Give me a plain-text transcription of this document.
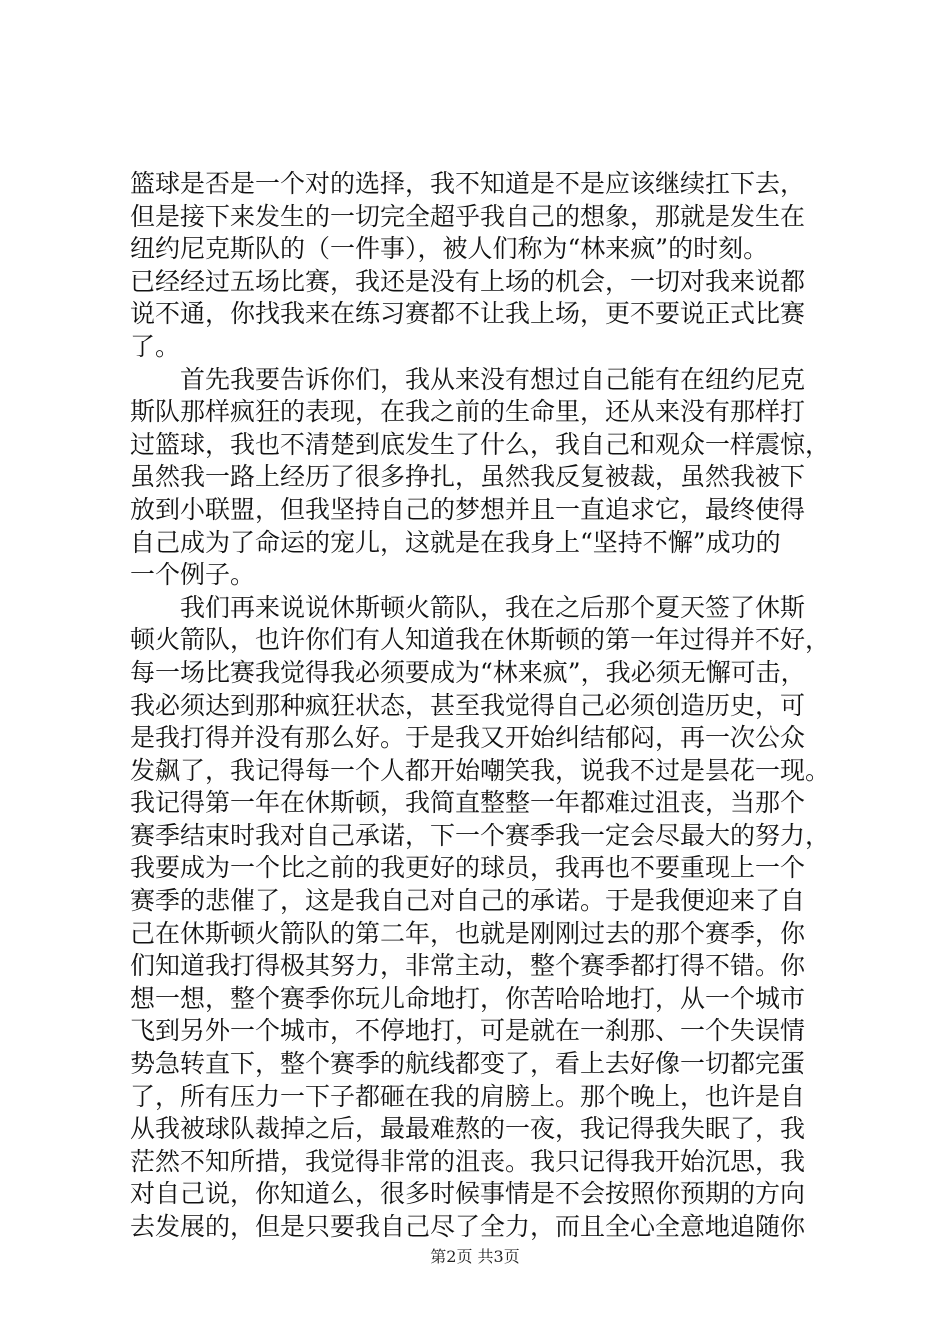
篮球是否是一个对的选择，我不知道是不是应该继续扛下去，
但是接下来发生的一切完全超乎我自己的想象，那就是发生在
纽约尼克斯队的（一件事），被人们称为“林来疯”的时刻。
已经经过五场比赛，我还是没有上场的机会，一切对我来说都
说不通，你找我来在练习赛都不让我上场，更不要说正式比赛
了。
　　首先我要告诉你们，我从来没有想过自己能有在纽约尼克
斯队那样疯狂的表现，在我之前的生命里，还从来没有那样打
过篮球，我也不清楚到底发生了什么，我自己和观众一样震惊，
虽然我一路上经历了很多挣扎，虽然我反复被裁，虽然我被下
放到小联盟，但我坚持自己的梦想并且一直追求它，最终使得
自己成为了命运的宠儿，这就是在我身上“坚持不懈”成功的
一个例子。
　　我们再来说说休斯顿火箭队，我在之后那个夏天签了休斯
顿火箭队，也许你们有人知道我在休斯顿的第一年过得并不好，
每一场比赛我觉得我必须要成为“林来疯”，我必须无懈可击，
我必须达到那种疯狂状态，甚至我觉得自己必须创造历史，可
是我打得并没有那么好。于是我又开始纠结郁闷，再一次公众
发飙了，我记得每一个人都开始嘲笑我，说我不过是昙花一现。
我记得第一年在休斯顿，我简直整整一年都难过沮丧，当那个
赛季结束时我对自己承诺，下一个赛季我一定会尽最大的努力，
我要成为一个比之前的我更好的球员，我再也不要重现上一个
赛季的悲催了，这是我自己对自己的承诺。于是我便迎来了自
己在休斯顿火箭队的第二年，也就是刚刚过去的那个赛季，你
们知道我打得极其努力，非常主动，整个赛季都打得不错。你
想一想，整个赛季你玩儿命地打，你苦哈哈地打，从一个城市
飞到另外一个城市，不停地打，可是就在一刹那、一个失误情
势急转直下，整个赛季的航线都变了，看上去好像一切都完蛋
了，所有压力一下子都砸在我的肩膀上。那个晚上，也许是自
从我被球队裁掉之后，最最难熬的一夜，我记得我失眠了，我
茫然不知所措，我觉得非常的沮丧。我只记得我开始沉思，我
对自己说，你知道么，很多时候事情是不会按照你预期的方向
去发展的，但是只要我自己尽了全力，而且全心全意地追随你
第2页 共3页
